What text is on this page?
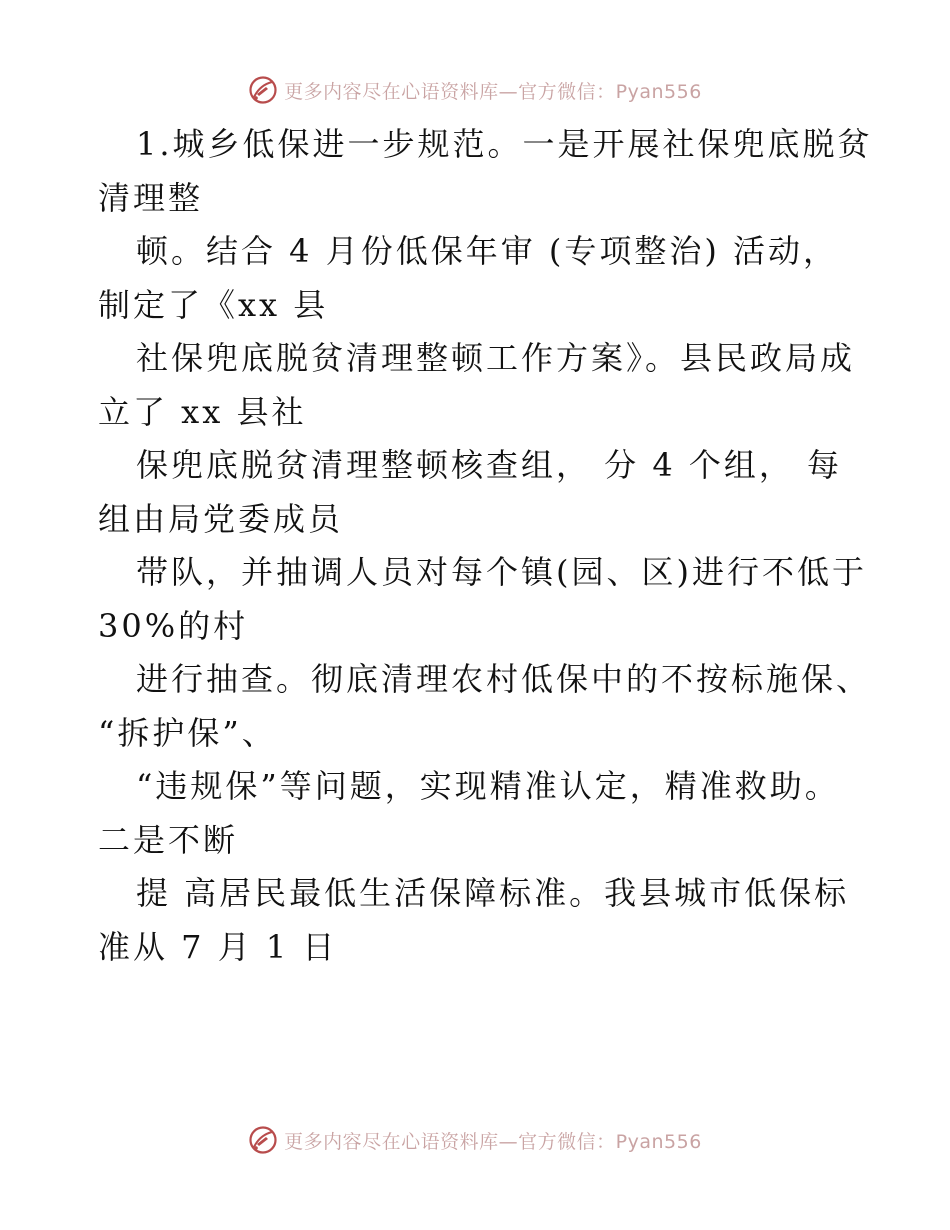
更多内容尽在心语资料库—官方微信：Pyan556
1.城乡低保进一步规范。一是开展社保兜底脱贫
清理整
顿。结合 4 月份低保年审 (专项整治) 活动，
制定了《xx 县
社保兜底脱贫清理整顿工作方案》。县民政局成
立了 xx 县社
保兜底脱贫清理整顿核查组， 分 4 个组， 每
组由局党委成员
带队，并抽调人员对每个镇(园、区)进行不低于
30%的村
进行抽查。彻底清理农村低保中的不按标施保、
“拆护保”、
“违规保”等问题，实现精准认定，精准救助。
二是不断
提 高居民最低生活保障标准。我县城市低保标
准从 7 月 1 日
更多内容尽在心语资料库—官方微信：Pyan556
